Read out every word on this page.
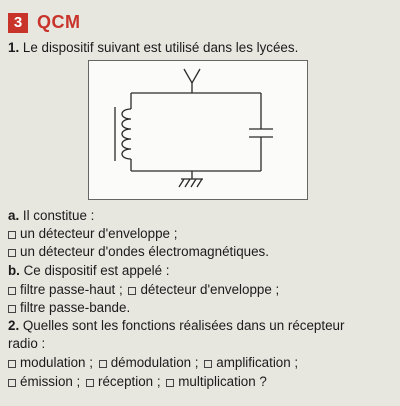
3 QCM
1. Le dispositif suivant est utilisé dans les lycées.
a. Il constitue :
un détecteur d'enveloppe ;
un détecteur d'ondes électromagnétiques.
b. Ce dispositif est appelé :
filtre passe-haut ; détecteur d'enveloppe ;
filtre passe-bande.
2. Quelles sont les fonctions réalisées dans un récepteur
radio :
modulation ; démodulation ; amplification ;
émission ; réception ; multiplication ?
